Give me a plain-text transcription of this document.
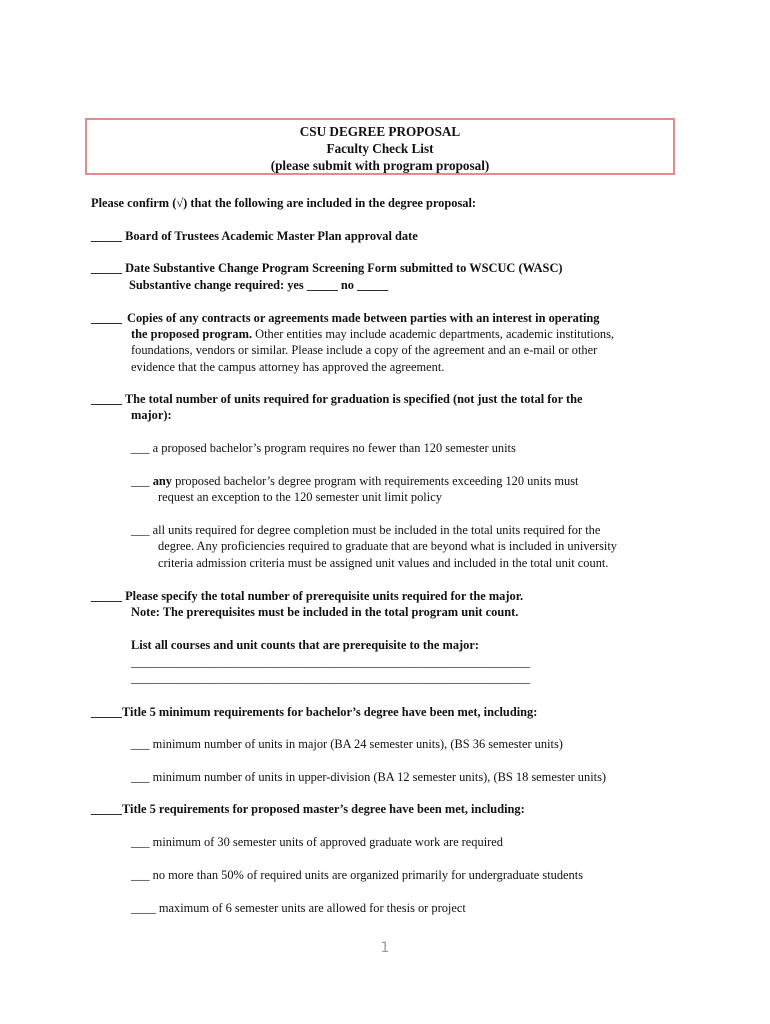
CSU DEGREE PROPOSAL
Faculty Check List
(please submit with program proposal)
Please confirm (√) that the following are included in the degree proposal:
_____ Board of Trustees Academic Master Plan approval date
_____ Date Substantive Change Program Screening Form submitted to WSCUC (WASC)
Substantive change required: yes _____ no _____
_____ Copies of any contracts or agreements made between parties with an interest in operating
the proposed program. Other entities may include academic departments, academic institutions,
foundations, vendors or similar. Please include a copy of the agreement and an e-mail or other
evidence that the campus attorney has approved the agreement.
_____ The total number of units required for graduation is specified (not just the total for the
major):
___ a proposed bachelor’s program requires no fewer than 120 semester units
___ any proposed bachelor’s degree program with requirements exceeding 120 units must
request an exception to the 120 semester unit limit policy
___ all units required for degree completion must be included in the total units required for the
degree. Any proficiencies required to graduate that are beyond what is included in university
criteria admission criteria must be assigned unit values and included in the total unit count.
_____ Please specify the total number of prerequisite units required for the major.
Note: The prerequisites must be included in the total program unit count.
List all courses and unit counts that are prerequisite to the major:
________________________________________________________________________
________________________________________________________________________
_____Title 5 minimum requirements for bachelor’s degree have been met, including:
___ minimum number of units in major (BA 24 semester units), (BS 36 semester units)
___ minimum number of units in upper-division (BA 12 semester units), (BS 18 semester units)
_____Title 5 requirements for proposed master’s degree have been met, including:
___ minimum of 30 semester units of approved graduate work are required
___ no more than 50% of required units are organized primarily for undergraduate students
____ maximum of 6 semester units are allowed for thesis or project
1
